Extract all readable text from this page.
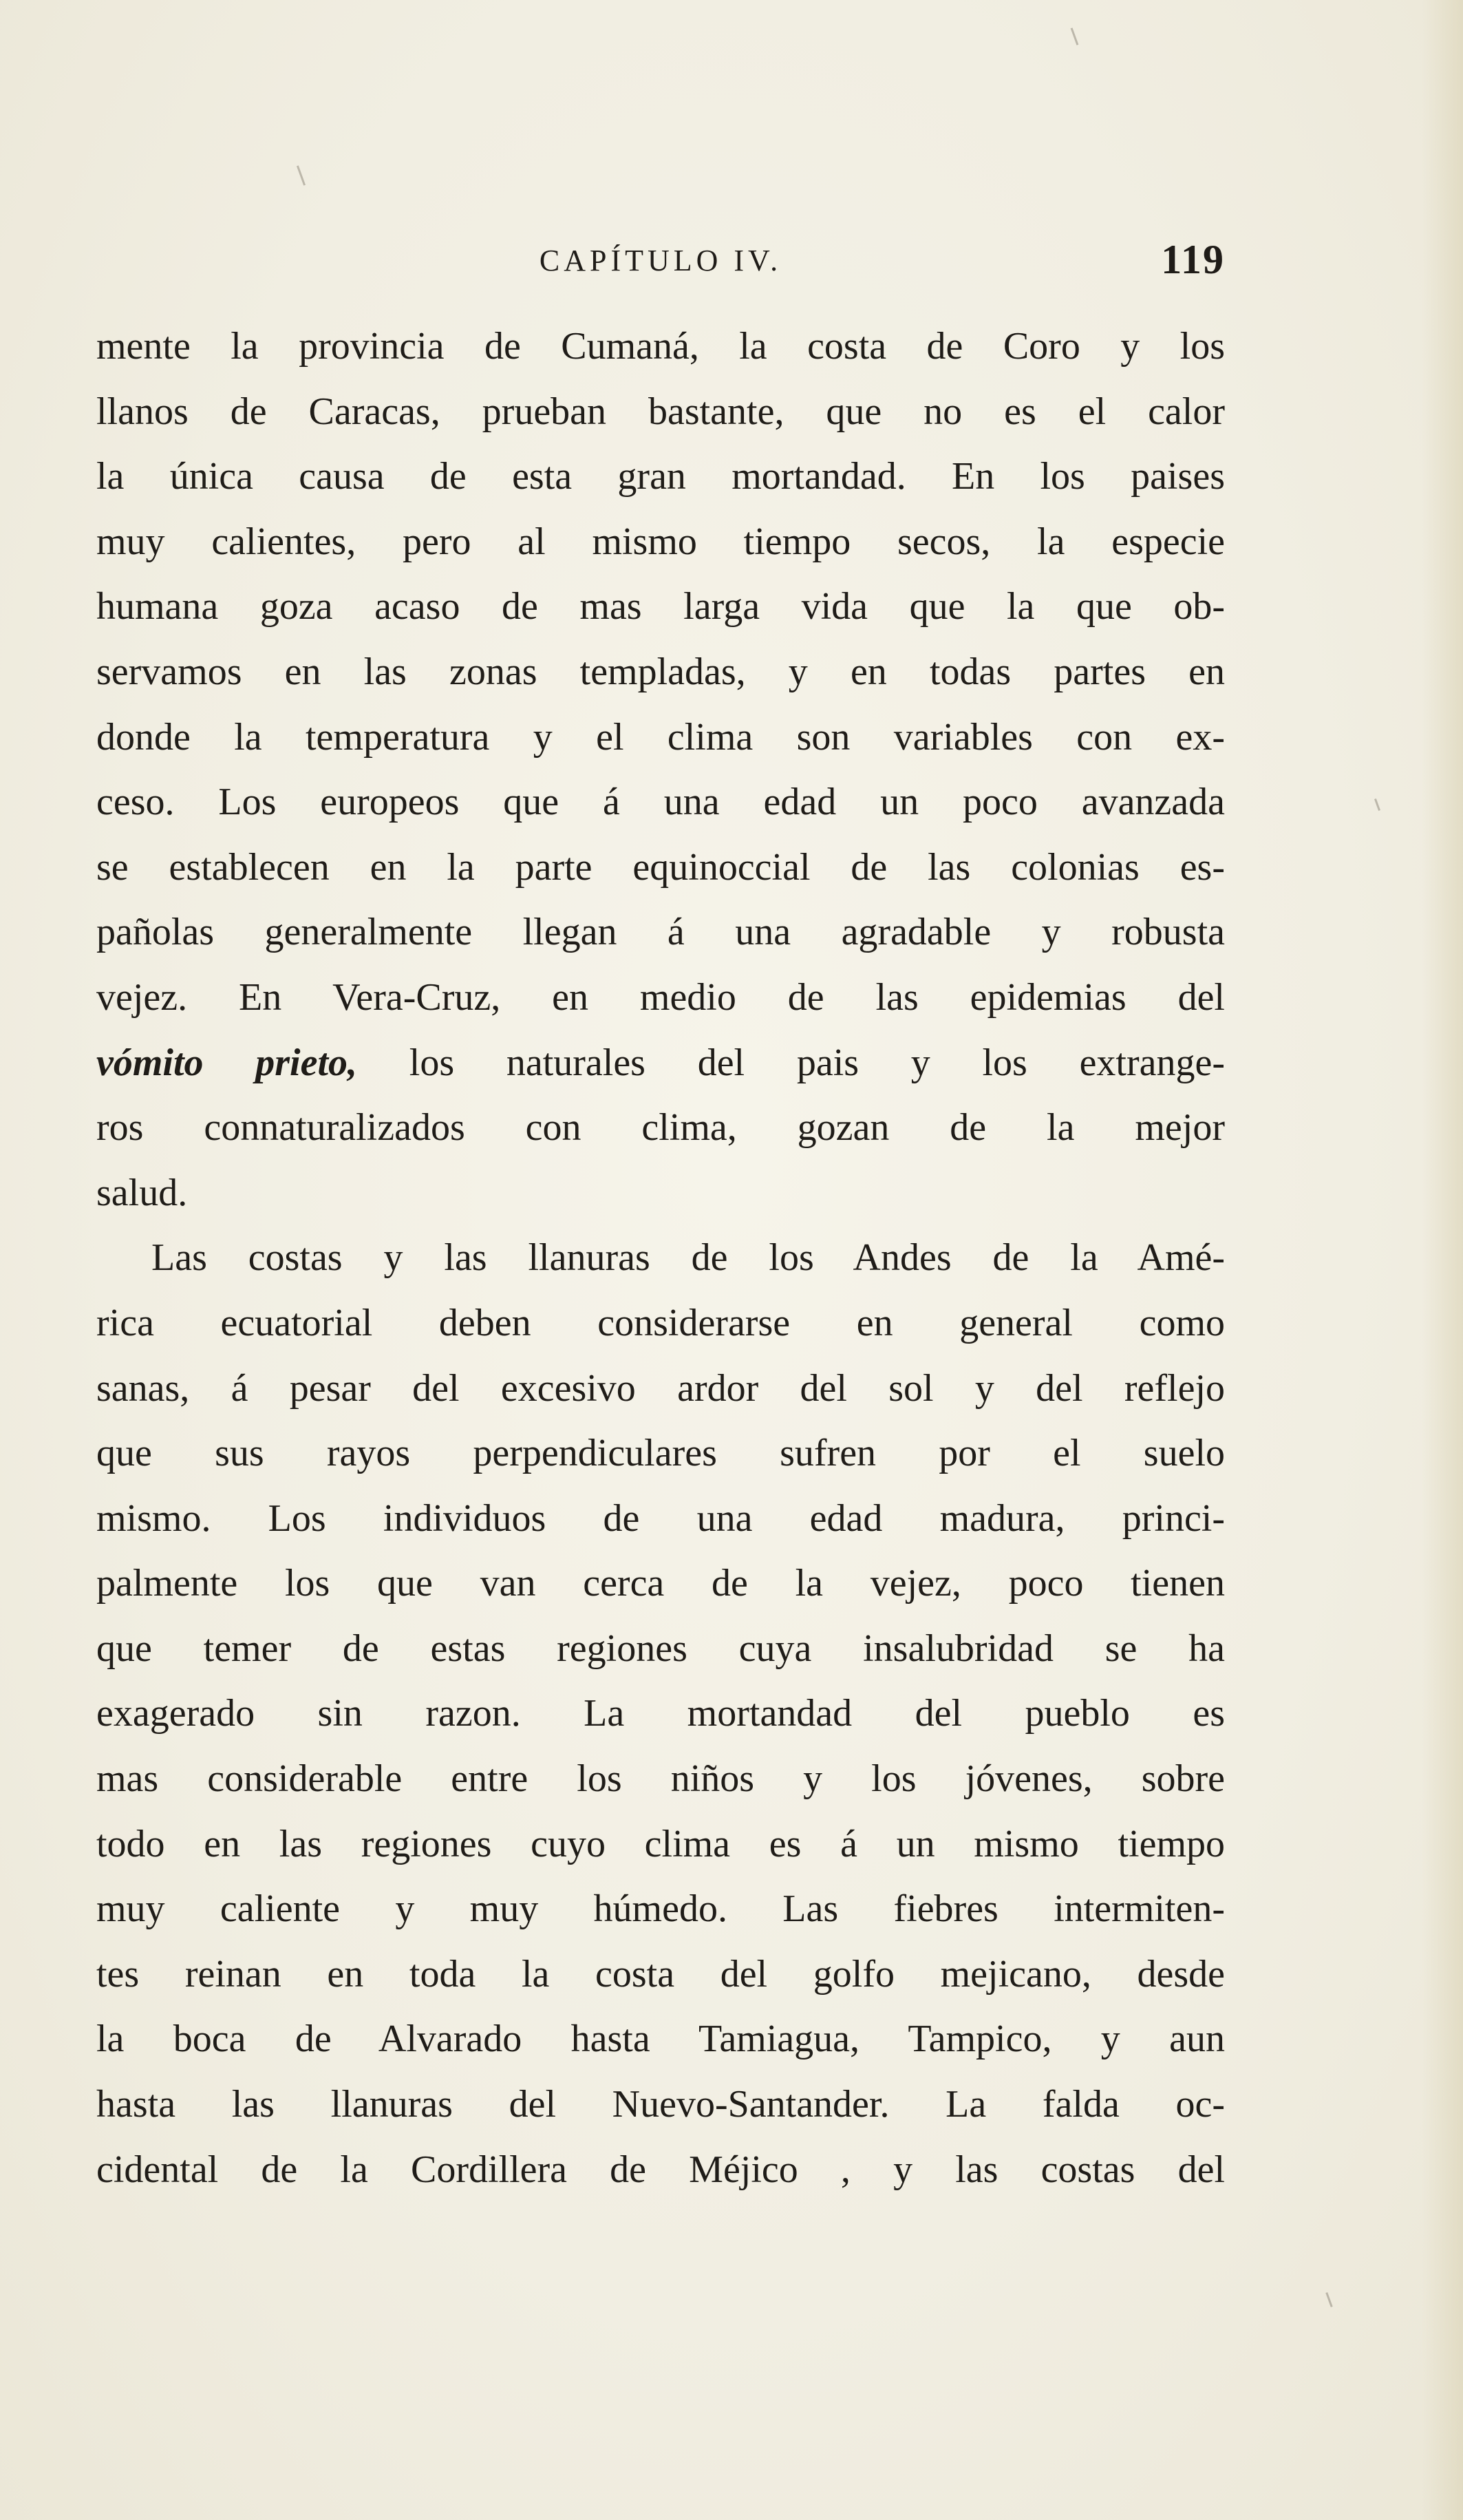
CAPÍTULO IV.	119
mente la provincia de Cumaná, la costa de Coro y los
llanos de Caracas, prueban bastante, que no es el calor
la única causa de esta gran mortandad. En los paises
muy calientes, pero al mismo tiempo secos, la especie
humana goza acaso de mas larga vida que la que ob-
servamos en las zonas templadas, y en todas partes en
donde la temperatura y el clima son variables con ex-
ceso. Los europeos que á una edad un poco avanzada
se establecen en la parte equinoccial de las colonias es-
pañolas generalmente llegan á una agradable y robusta
vejez. En Vera-Cruz, en medio de las epidemias del
vómito prieto, los naturales del pais y los extrange-
ros connaturalizados con clima, gozan de la mejor
salud.
Las costas y las llanuras de los Andes de la Amé-
rica ecuatorial deben considerarse en general como
sanas, á pesar del excesivo ardor del sol y del reflejo
que sus rayos perpendiculares sufren por el suelo
mismo. Los individuos de una edad madura, princi-
palmente los que van cerca de la vejez, poco tienen
que temer de estas regiones cuya insalubridad se ha
exagerado sin razon. La mortandad del pueblo es
mas considerable entre los niños y los jóvenes, sobre
todo en las regiones cuyo clima es á un mismo tiempo
muy caliente y muy húmedo. Las fiebres intermiten-
tes reinan en toda la costa del golfo mejicano, desde
la boca de Alvarado hasta Tamiagua, Tampico, y aun
hasta las llanuras del Nuevo-Santander. La falda oc-
cidental de la Cordillera de Méjico , y las costas del
